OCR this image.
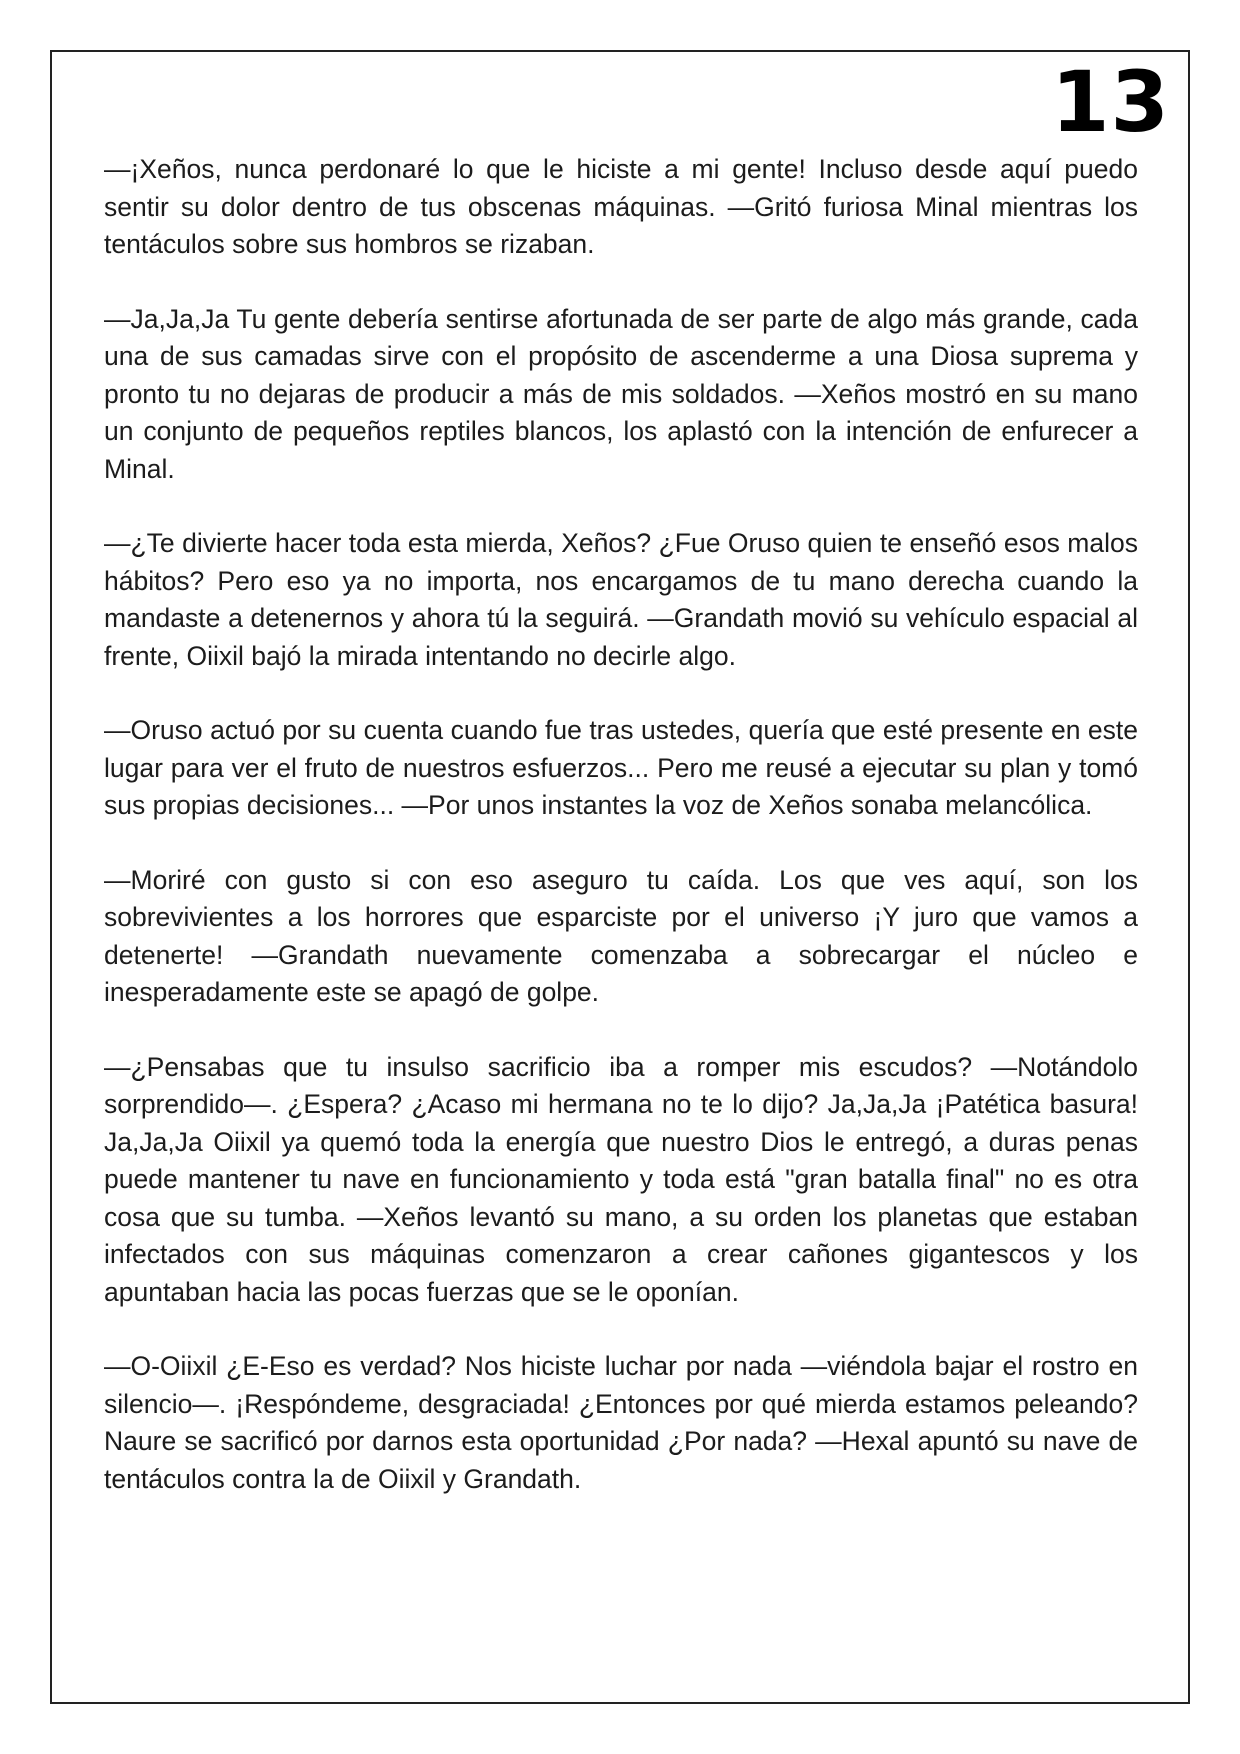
13

—¡Xeños, nunca perdonaré lo que le hiciste a mi gente! Incluso desde aquí puedo sentir su dolor dentro de tus obscenas máquinas. —Gritó furiosa Minal mientras los tentáculos sobre sus hombros se rizaban.

—Ja,Ja,Ja Tu gente debería sentirse afortunada de ser parte de algo más grande, cada una de sus camadas sirve con el propósito de ascenderme a una Diosa suprema y pronto tu no dejaras de producir a más de mis soldados. —Xeños mostró en su mano un conjunto de pequeños reptiles blancos, los aplastó con la intención de enfurecer a Minal.

—¿Te divierte hacer toda esta mierda, Xeños? ¿Fue Oruso quien te enseñó esos malos hábitos? Pero eso ya no importa, nos encargamos de tu mano derecha cuando la mandaste a detenernos y ahora tú la seguirá. —Grandath movió su vehículo espacial al frente, Oiixil bajó la mirada intentando no decirle algo.

—Oruso actuó por su cuenta cuando fue tras ustedes, quería que esté presente en este lugar para ver el fruto de nuestros esfuerzos... Pero me reusé a ejecutar su plan y tomó sus propias decisiones... —Por unos instantes la voz de Xeños sonaba melancólica.

—Moriré con gusto si con eso aseguro tu caída. Los que ves aquí, son los sobrevivientes a los horrores que esparciste por el universo ¡Y juro que vamos a detenerte! —Grandath nuevamente comenzaba a sobrecargar el núcleo e inesperadamente este se apagó de golpe.

—¿Pensabas que tu insulso sacrificio iba a romper mis escudos? —Notándolo sorprendido—. ¿Espera? ¿Acaso mi hermana no te lo dijo? Ja,Ja,Ja ¡Patética basura! Ja,Ja,Ja Oiixil ya quemó toda la energía que nuestro Dios le entregó, a duras penas puede mantener tu nave en funcionamiento y toda está "gran batalla final" no es otra cosa que su tumba. —Xeños levantó su mano, a su orden los planetas que estaban infectados con sus máquinas comenzaron a crear cañones gigantescos y los apuntaban hacia las pocas fuerzas que se le oponían.

—O-Oiixil ¿E-Eso es verdad? Nos hiciste luchar por nada —viéndola bajar el rostro en silencio—. ¡Respóndeme, desgraciada! ¿Entonces por qué mierda estamos peleando? Naure se sacrificó por darnos esta oportunidad ¿Por nada? —Hexal apuntó su nave de tentáculos contra la de Oiixil y Grandath.
